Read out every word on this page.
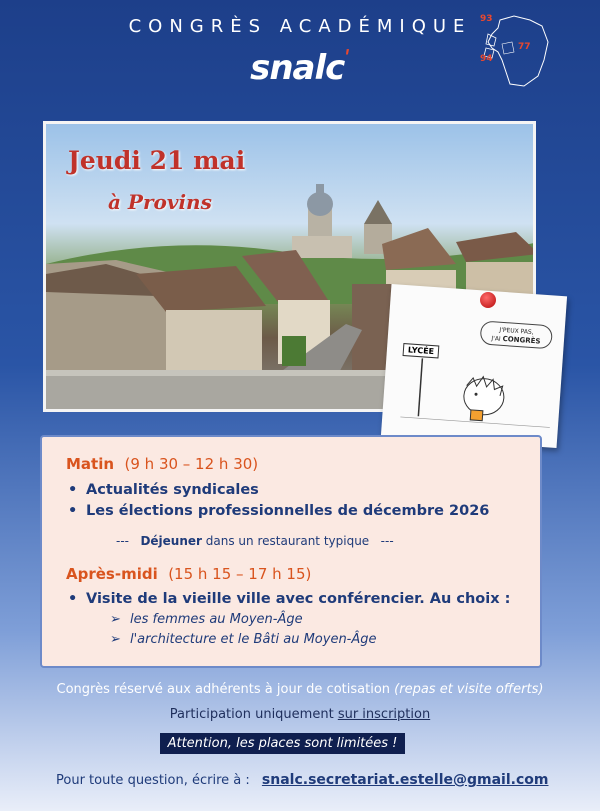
CONGRÈS ACADÉMIQUE
snalc$^ʹ$
93
94
77
Jeudi 21 mai
à Provins
J'PEUX PAS,
J'AI CONGRÈS
LYCÉE
Matin (9 h 30 – 12 h 30)
• Actualités syndicales
• Les élections professionnelles de décembre 2026
--- Déjeuner dans un restaurant typique ---
Après-midi (15 h 15 – 17 h 15)
• Visite de la vieille ville avec conférencier. Au choix :
➢ les femmes au Moyen-Âge
➢ l'architecture et le Bâti au Moyen-Âge
Congrès réservé aux adhérents à jour de cotisation (repas et visite offerts)
Participation uniquement sur inscription
Attention, les places sont limitées !
Pour toute question, écrire à : snalc.secretariat.estelle@gmail.com
